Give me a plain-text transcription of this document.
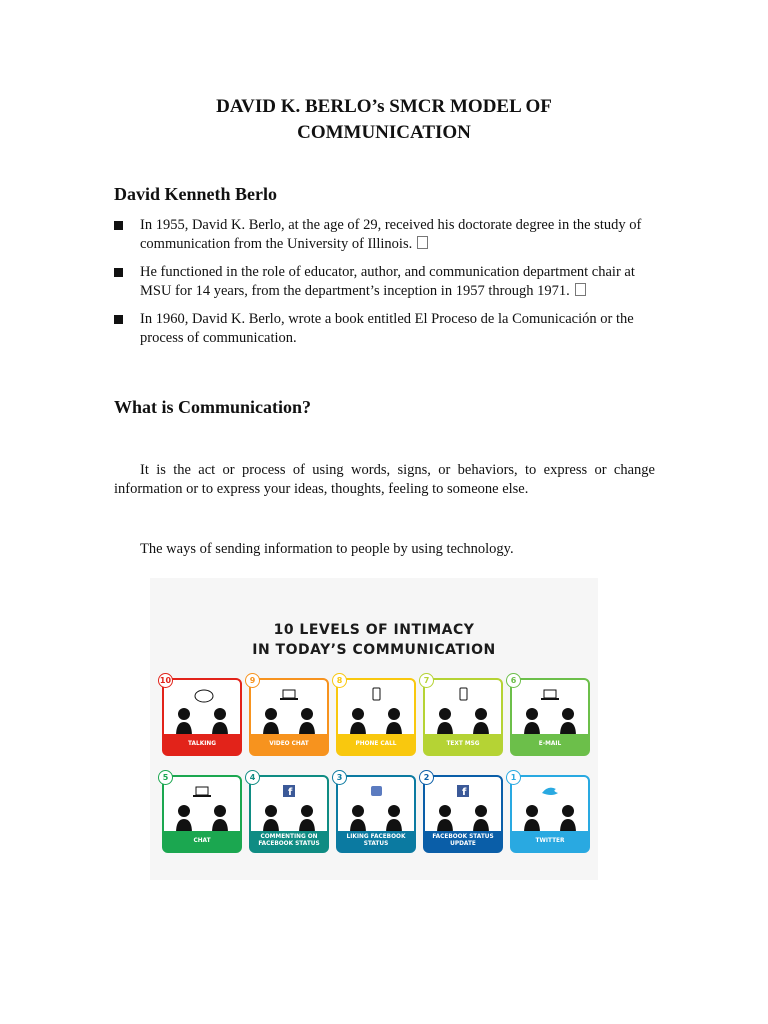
DAVID K. BERLO’s SMCR MODEL OF
COMMUNICATION
David Kenneth Berlo
In 1955, David K. Berlo, at the age of 29, received his doctorate degree in the study of communication from the University of Illinois.
He functioned in the role of educator, author, and communication department chair at MSU for 14 years, from the department’s inception in 1957 through 1971.
In 1960, David K. Berlo, wrote a book entitled El Proceso de la Comunicación or the process of communication.
What is Communication?

It is the act or process of using words, signs, or behaviors, to express or change information or to express your ideas, thoughts, feeling to someone else.

The ways of sending information to people by using technology.

10 LEVELS OF INTIMACY
IN TODAY’S COMMUNICATION
10
TALKING
9
VIDEO CHAT
8
PHONE CALL
7
TEXT MSG
6
E-MAIL
5
CHAT
4
f
COMMENTING ON FACEBOOK STATUS
3
LIKING FACEBOOK STATUS
2
f
FACEBOOK STATUS UPDATE
1
TWITTER
